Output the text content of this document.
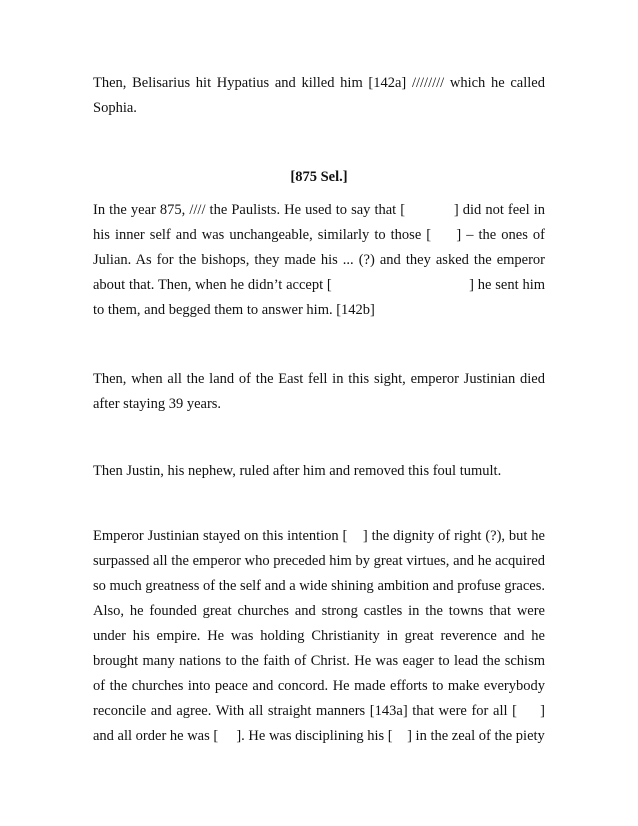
Then, Belisarius hit Hypatius and killed him [142a] //////// which he called Sophia.

[875 Sel.]

In the year 875, //// the Paulists. He used to say that [            ] did not feel in his inner self and was unchangeable, similarly to those [     ] – the ones of Julian. As for the bishops, they made his ... (?) and they asked the emperor about that. Then, when he didn’t accept [                                    ] he sent him to them, and begged them to answer him. [142b]

Then, when all the land of the East fell in this sight, emperor Justinian died after staying 39 years.

Then Justin, his nephew, ruled after him and removed this foul tumult.

Emperor Justinian stayed on this intention [    ] the dignity of right (?), but he surpassed all the emperor who preceded him by great virtues, and he acquired so much greatness of the self and a wide shining ambition and profuse graces. Also, he founded great churches and strong castles in the towns that were under his empire. He was holding Christianity in great reverence and he brought many nations to the faith of Christ. He was eager to lead the schism of the churches into peace and concord. He made efforts to make everybody reconcile and agree. With all straight manners [143a] that were for all [     ] and all order he was [     ]. He was disciplining his [    ] in the zeal of the piety
